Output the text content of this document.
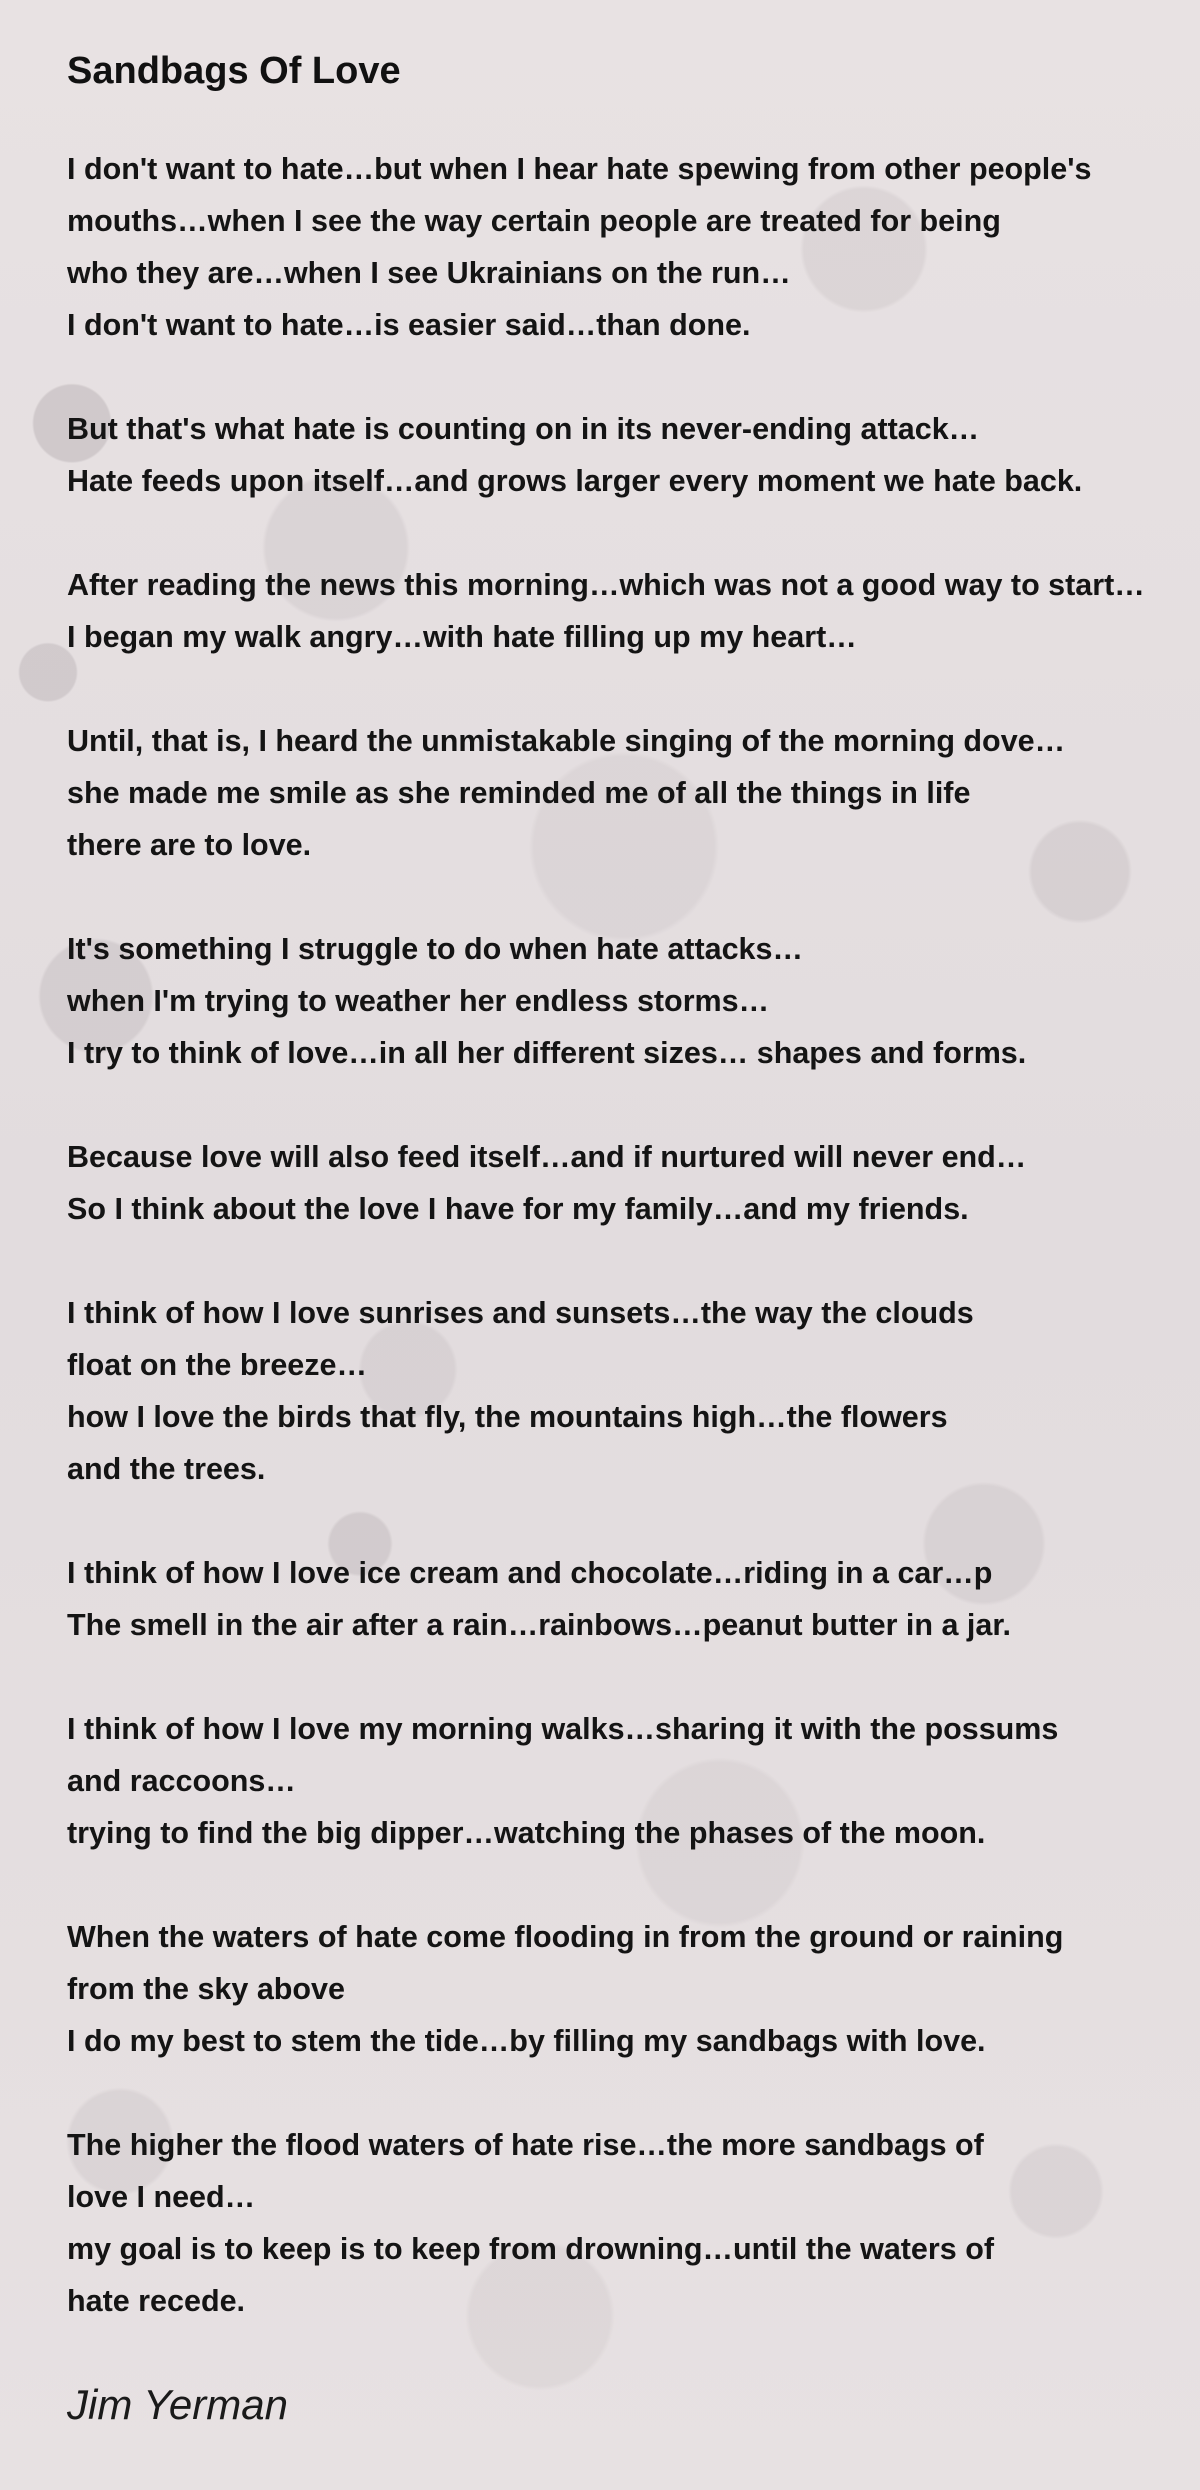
Sandbags Of Love
I don't want to hate…but when I hear hate spewing from other people's
mouths…when I see the way certain people are treated for being
who they are…when I see Ukrainians on the run…
I don't want to hate…is easier said…than done.
But that's what hate is counting on in its never-ending attack…
Hate feeds upon itself…and grows larger every moment we hate back.
After reading the news this morning…which was not a good way to start…
I began my walk angry…with hate filling up my heart…
Until, that is, I heard the unmistakable singing of the morning dove…
she made me smile as she reminded me of all the things in life
there are to love.
It's something I struggle to do when hate attacks…
when I'm trying to weather her endless storms…
I try to think of love…in all her different sizes… shapes and forms.
Because love will also feed itself…and if nurtured will never end…
So I think about the love I have for my family…and my friends.
I think of how I love sunrises and sunsets…the way the clouds
float on the breeze…
how I love the birds that fly, the mountains high…the flowers
and the trees.
I think of how I love ice cream and chocolate…riding in a car…p
The smell in the air after a rain…rainbows…peanut butter in a jar.
I think of how I love my morning walks…sharing it with the possums
and raccoons…
trying to find the big dipper…watching the phases of the moon.
When the waters of hate come flooding in from the ground or raining
from the sky above
I do my best to stem the tide…by filling my sandbags with love.
The higher the flood waters of hate rise…the more sandbags of
love I need…
my goal is to keep is to keep from drowning…until the waters of
hate recede.
Jim Yerman
